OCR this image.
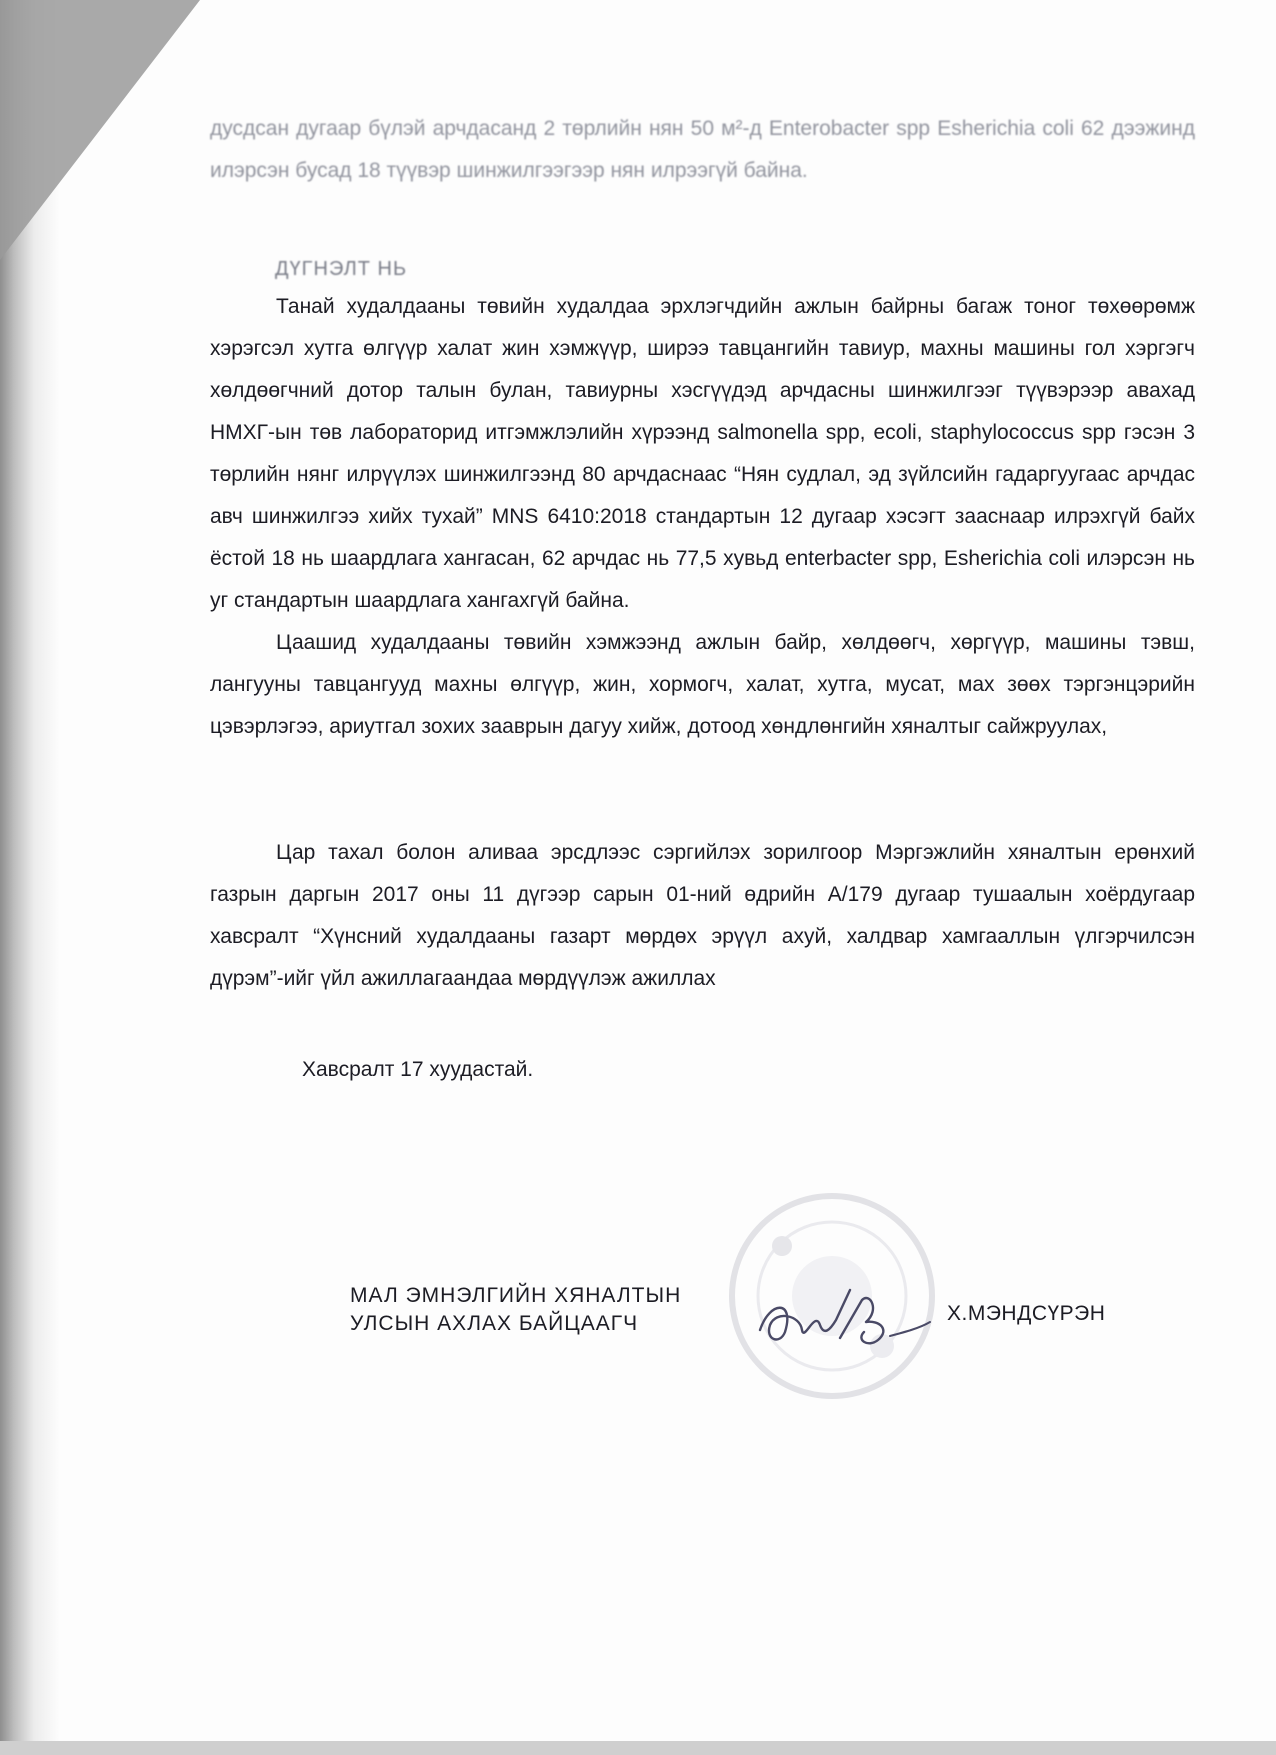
дусдсан дугаар бүлэй арчдасанд 2 төрлийн нян 50 м²-д Enterobacter spp Esherichia coli 62 дээжинд илэрсэн бусад 18 түүвэр шинжилгээгээр нян илрээгүй байна.

ДҮГНЭЛТ НЬ

Танай худалдааны төвийн худалдаа эрхлэгчдийн ажлын байрны багаж тоног төхөөрөмж хэрэгсэл хутга өлгүүр халат жин хэмжүүр, ширээ тавцангийн тавиур, махны машины гол хэргэгч хөлдөөгчний дотор талын булан, тавиурны хэсгүүдэд арчдасны шинжилгээг түүвэрээр авахад НМХГ-ын төв лабораторид итгэмжлэлийн хүрээнд salmonella spp, ecoli, staphylococcus spp гэсэн 3 төрлийн нянг илрүүлэх шинжилгээнд 80 арчдаснаас “Нян судлал, эд зүйлсийн гадаргуугаас арчдас авч шинжилгээ хийх тухай” MNS 6410:2018 стандартын 12 дугаар хэсэгт зааснаар илрэхгүй байх ёстой 18 нь шаардлага хангасан, 62 арчдас нь 77,5 хувьд enterbacter spp, Esherichia coli илэрсэн нь уг стандартын шаардлага хангахгүй байна.

Цаашид худалдааны төвийн хэмжээнд ажлын байр, хөлдөөгч, хөргүүр, машины тэвш, лангууны тавцангууд махны өлгүүр, жин, хормогч, халат, хутга, мусат, мах зөөх тэргэнцэрийн цэвэрлэгээ, ариутгал зохих зааврын дагуу хийж, дотоод хөндлөнгийн хяналтыг сайжруулах,

Цар тахал болон аливаа эрсдлээс сэргийлэх зорилгоор Мэргэжлийн хяналтын ерөнхий газрын даргын 2017 оны 11 дүгээр сарын 01-ний өдрийн А/179 дугаар тушаалын хоёрдугаар хавсралт “Хүнсний худалдааны газарт мөрдөх эрүүл ахуй, халдвар хамгааллын үлгэрчилсэн дүрэм”-ийг үйл ажиллагаандаа мөрдүүлэж ажиллах

Хавсралт 17 хуудастай.
МАЛ ЭМНЭЛГИЙН ХЯНАЛТЫН
УЛСЫН АХЛАХ БАЙЦААГЧ	Х.МЭНДСҮРЭН
